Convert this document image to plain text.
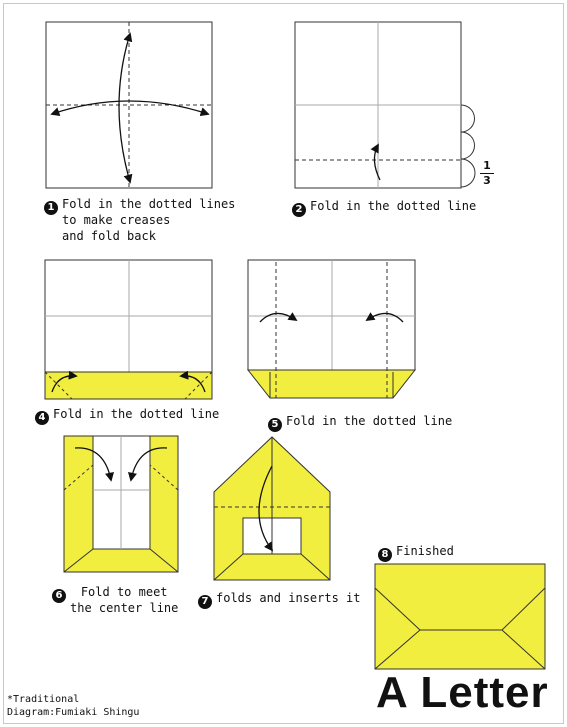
1 Fold in the dotted lines
to make creases
and fold back
2 Fold in the dotted line
4 Fold in the dotted line
5 Fold in the dotted line
6 Fold to meet
the center line	7 folds and inserts it
8 Finished
1
3
A Letter
*Traditional
Diagram:Fumiaki Shingu
